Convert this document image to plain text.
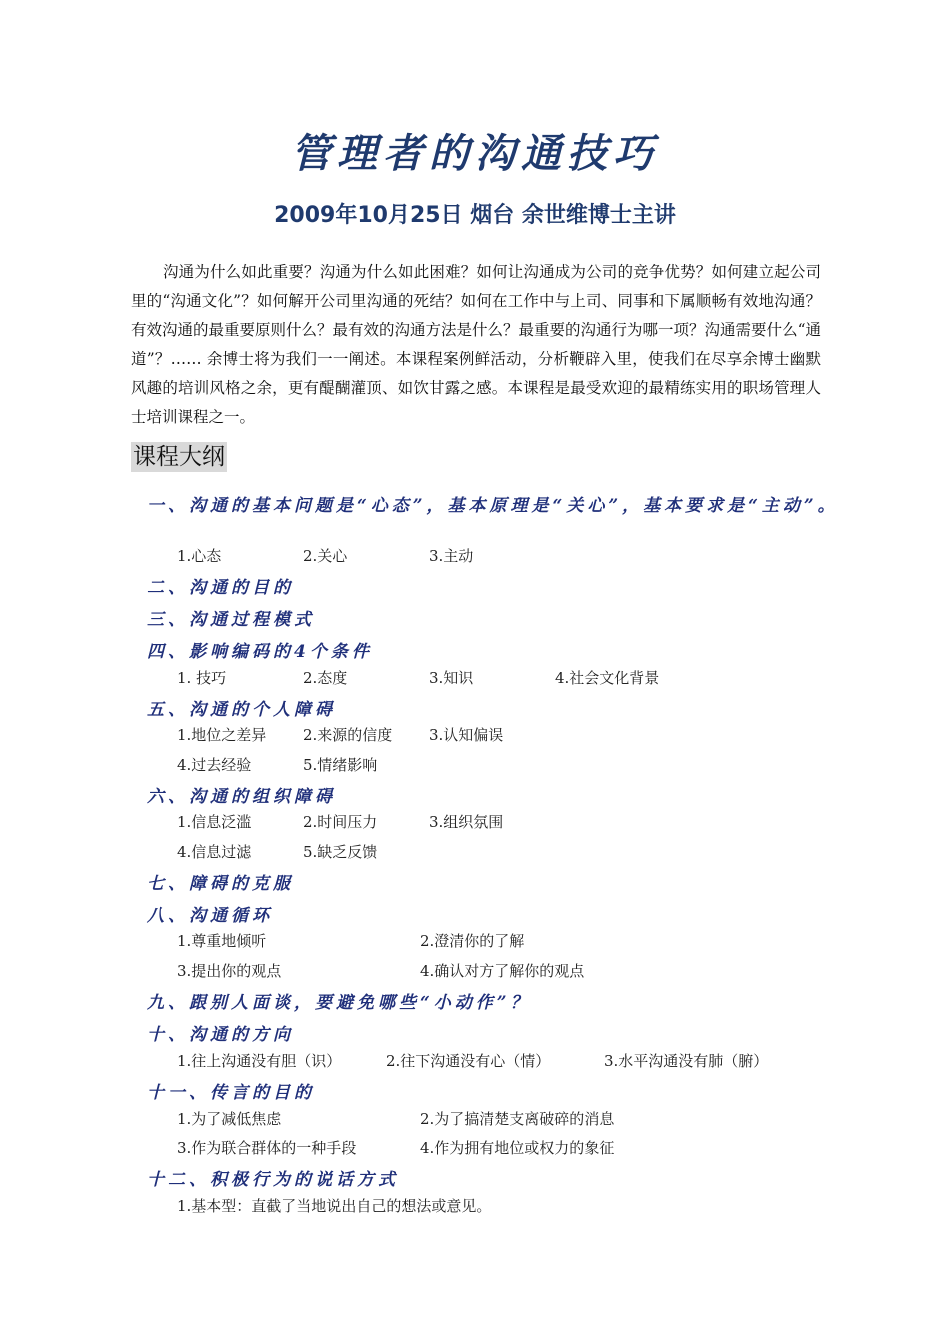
管理者的沟通技巧
2009年10月25日 烟台 余世维博士主讲
沟通为什么如此重要？沟通为什么如此困难？如何让沟通成为公司的竞争优势？如何建立起公司里的“沟通文化”？如何解开公司里沟通的死结？如何在工作中与上司、同事和下属顺畅有效地沟通？有效沟通的最重要原则什么？最有效的沟通方法是什么？最重要的沟通行为哪一项？沟通需要什么“通道”？…… 余博士将为我们一一阐述。本课程案例鲜活动，分析鞭辟入里，使我们在尽享余博士幽默风趣的培训风格之余，更有醍醐灌顶、如饮甘露之感。本课程是最受欢迎的最精练实用的职场管理人士培训课程之一。
课程大纲
一、沟通的基本问题是“心态”，基本原理是“关心”，基本要求是“主动”。
1.心态	2.关心	3.主动
二、沟通的目的
三、沟通过程模式
四、影响编码的4个条件
1. 技巧	2.态度	3.知识	4.社会文化背景
五、沟通的个人障碍
1.地位之差异 2.来源的信度 3.认知偏误
4.过去经验	5.情绪影响
六、沟通的组织障碍
1.信息泛滥	2.时间压力	3.组织氛围
4.信息过滤	5.缺乏反馈
七、障碍的克服
八、沟通循环
1.尊重地倾听	2.澄清你的了解
3.提出你的观点	4.确认对方了解你的观点
九、跟别人面谈，要避免哪些“小动作”？
十、沟通的方向
1.往上沟通没有胆（识）	2.往下沟通没有心（情）	3.水平沟通没有肺（腑）
十一、传言的目的
1.为了减低焦虑	2.为了搞清楚支离破碎的消息
3.作为联合群体的一种手段	4.作为拥有地位或权力的象征
十二、积极行为的说话方式
1.基本型：直截了当地说出自己的想法或意见。
